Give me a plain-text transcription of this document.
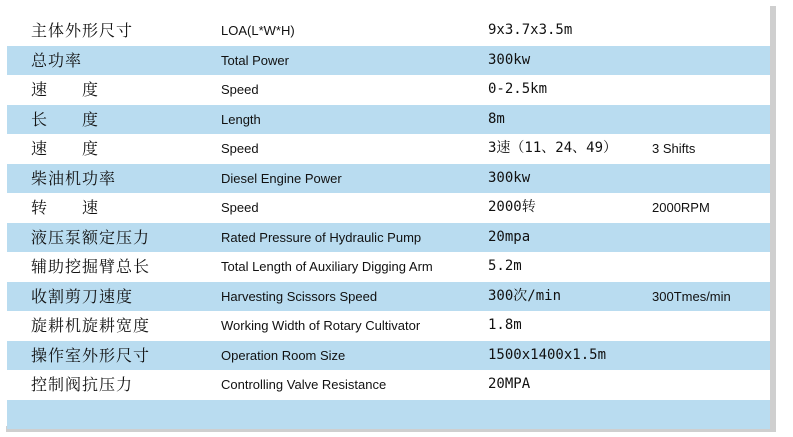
主体外形尺寸	LOA(L*W*H)	9x3.7x3.5m
总功率	Total Power	300kw
速　　度	Speed	0-2.5km
长　　度	Length	8m
速　　度	Speed	3速（11、24、49）	3 Shifts
柴油机功率	Diesel Engine Power	300kw
转　　速	Speed	2000转	2000RPM
液压泵额定压力	Rated Pressure of Hydraulic Pump	20mpa
辅助挖掘臂总长	Total Length of Auxiliary Digging Arm	5.2m
收割剪刀速度	Harvesting Scissors Speed	300次/min	300Tmes/min
旋耕机旋耕宽度	Working Width of Rotary Cultivator	1.8m
操作室外形尺寸	Operation Room Size	1500x1400x1.5m
控制阀抗压力	Controlling Valve Resistance	20MPA
